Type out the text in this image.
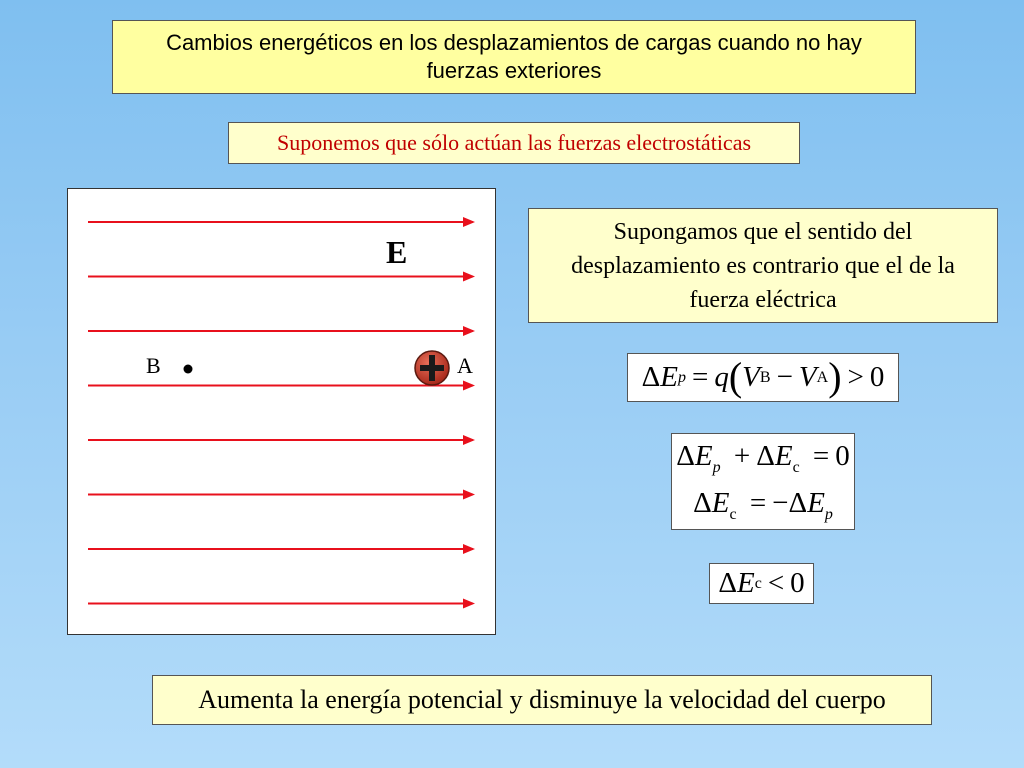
Cambios energéticos en los desplazamientos de cargas cuando no hay fuerzas exteriores
Suponemos que sólo actúan las fuerzas electrostáticas
E
B	A
Supongamos que el sentido del desplazamiento es contrario que el de la fuerza eléctrica
Δ E p = q ( V B − V A ) > 0
$\Delta E_p + \Delta E_c = 0$
$\Delta E_c = -\Delta E_p$
Δ E c < 0
Aumenta la energía potencial y disminuye la velocidad del cuerpo
